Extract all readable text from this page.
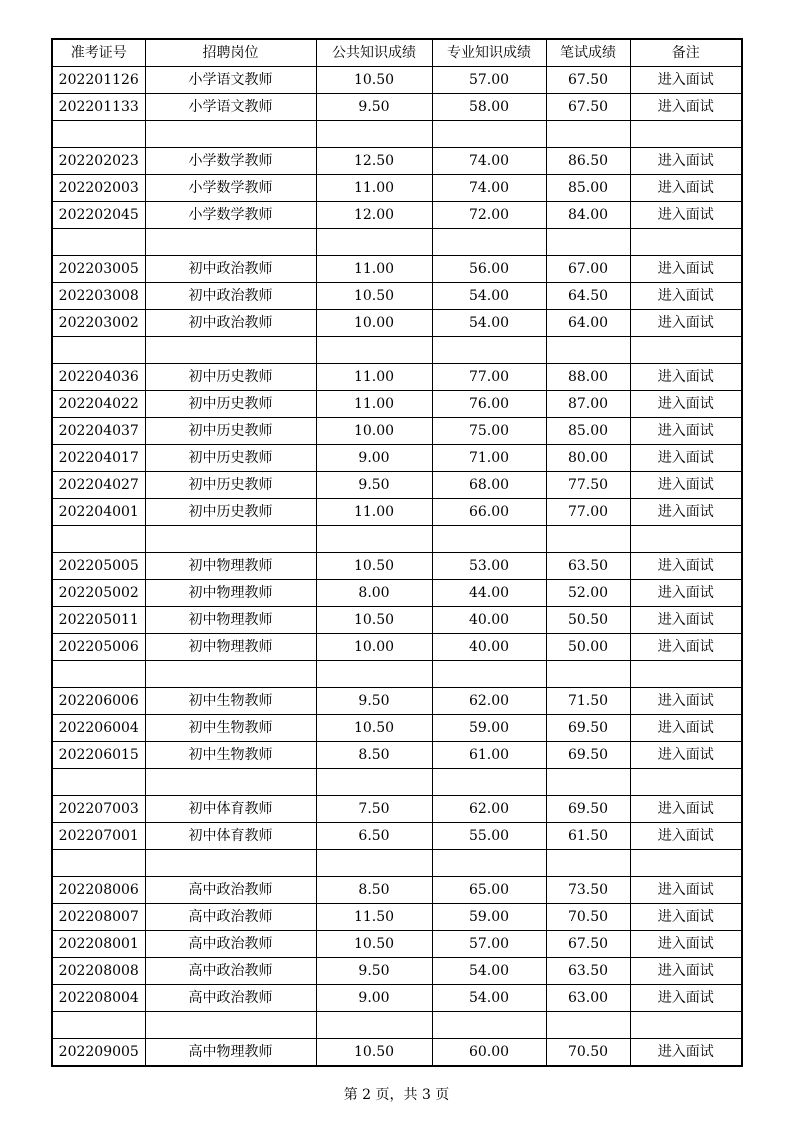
准考证号	招聘岗位	公共知识成绩	专业知识成绩	笔试成绩	备注
202201126	小学语文教师	10.50	57.00	67.50	进入面试
202201133	小学语文教师	9.50	58.00	67.50	进入面试

202202023	小学数学教师	12.50	74.00	86.50	进入面试
202202003	小学数学教师	11.00	74.00	85.00	进入面试
202202045	小学数学教师	12.00	72.00	84.00	进入面试

202203005	初中政治教师	11.00	56.00	67.00	进入面试
202203008	初中政治教师	10.50	54.00	64.50	进入面试
202203002	初中政治教师	10.00	54.00	64.00	进入面试

202204036	初中历史教师	11.00	77.00	88.00	进入面试
202204022	初中历史教师	11.00	76.00	87.00	进入面试
202204037	初中历史教师	10.00	75.00	85.00	进入面试
202204017	初中历史教师	9.00	71.00	80.00	进入面试
202204027	初中历史教师	9.50	68.00	77.50	进入面试
202204001	初中历史教师	11.00	66.00	77.00	进入面试

202205005	初中物理教师	10.50	53.00	63.50	进入面试
202205002	初中物理教师	8.00	44.00	52.00	进入面试
202205011	初中物理教师	10.50	40.00	50.50	进入面试
202205006	初中物理教师	10.00	40.00	50.00	进入面试

202206006	初中生物教师	9.50	62.00	71.50	进入面试
202206004	初中生物教师	10.50	59.00	69.50	进入面试
202206015	初中生物教师	8.50	61.00	69.50	进入面试

202207003	初中体育教师	7.50	62.00	69.50	进入面试
202207001	初中体育教师	6.50	55.00	61.50	进入面试

202208006	高中政治教师	8.50	65.00	73.50	进入面试
202208007	高中政治教师	11.50	59.00	70.50	进入面试
202208001	高中政治教师	10.50	57.00	67.50	进入面试
202208008	高中政治教师	9.50	54.00	63.50	进入面试
202208004	高中政治教师	9.00	54.00	63.00	进入面试

202209005	高中物理教师	10.50	60.00	70.50	进入面试
第 2 页，共 3 页
